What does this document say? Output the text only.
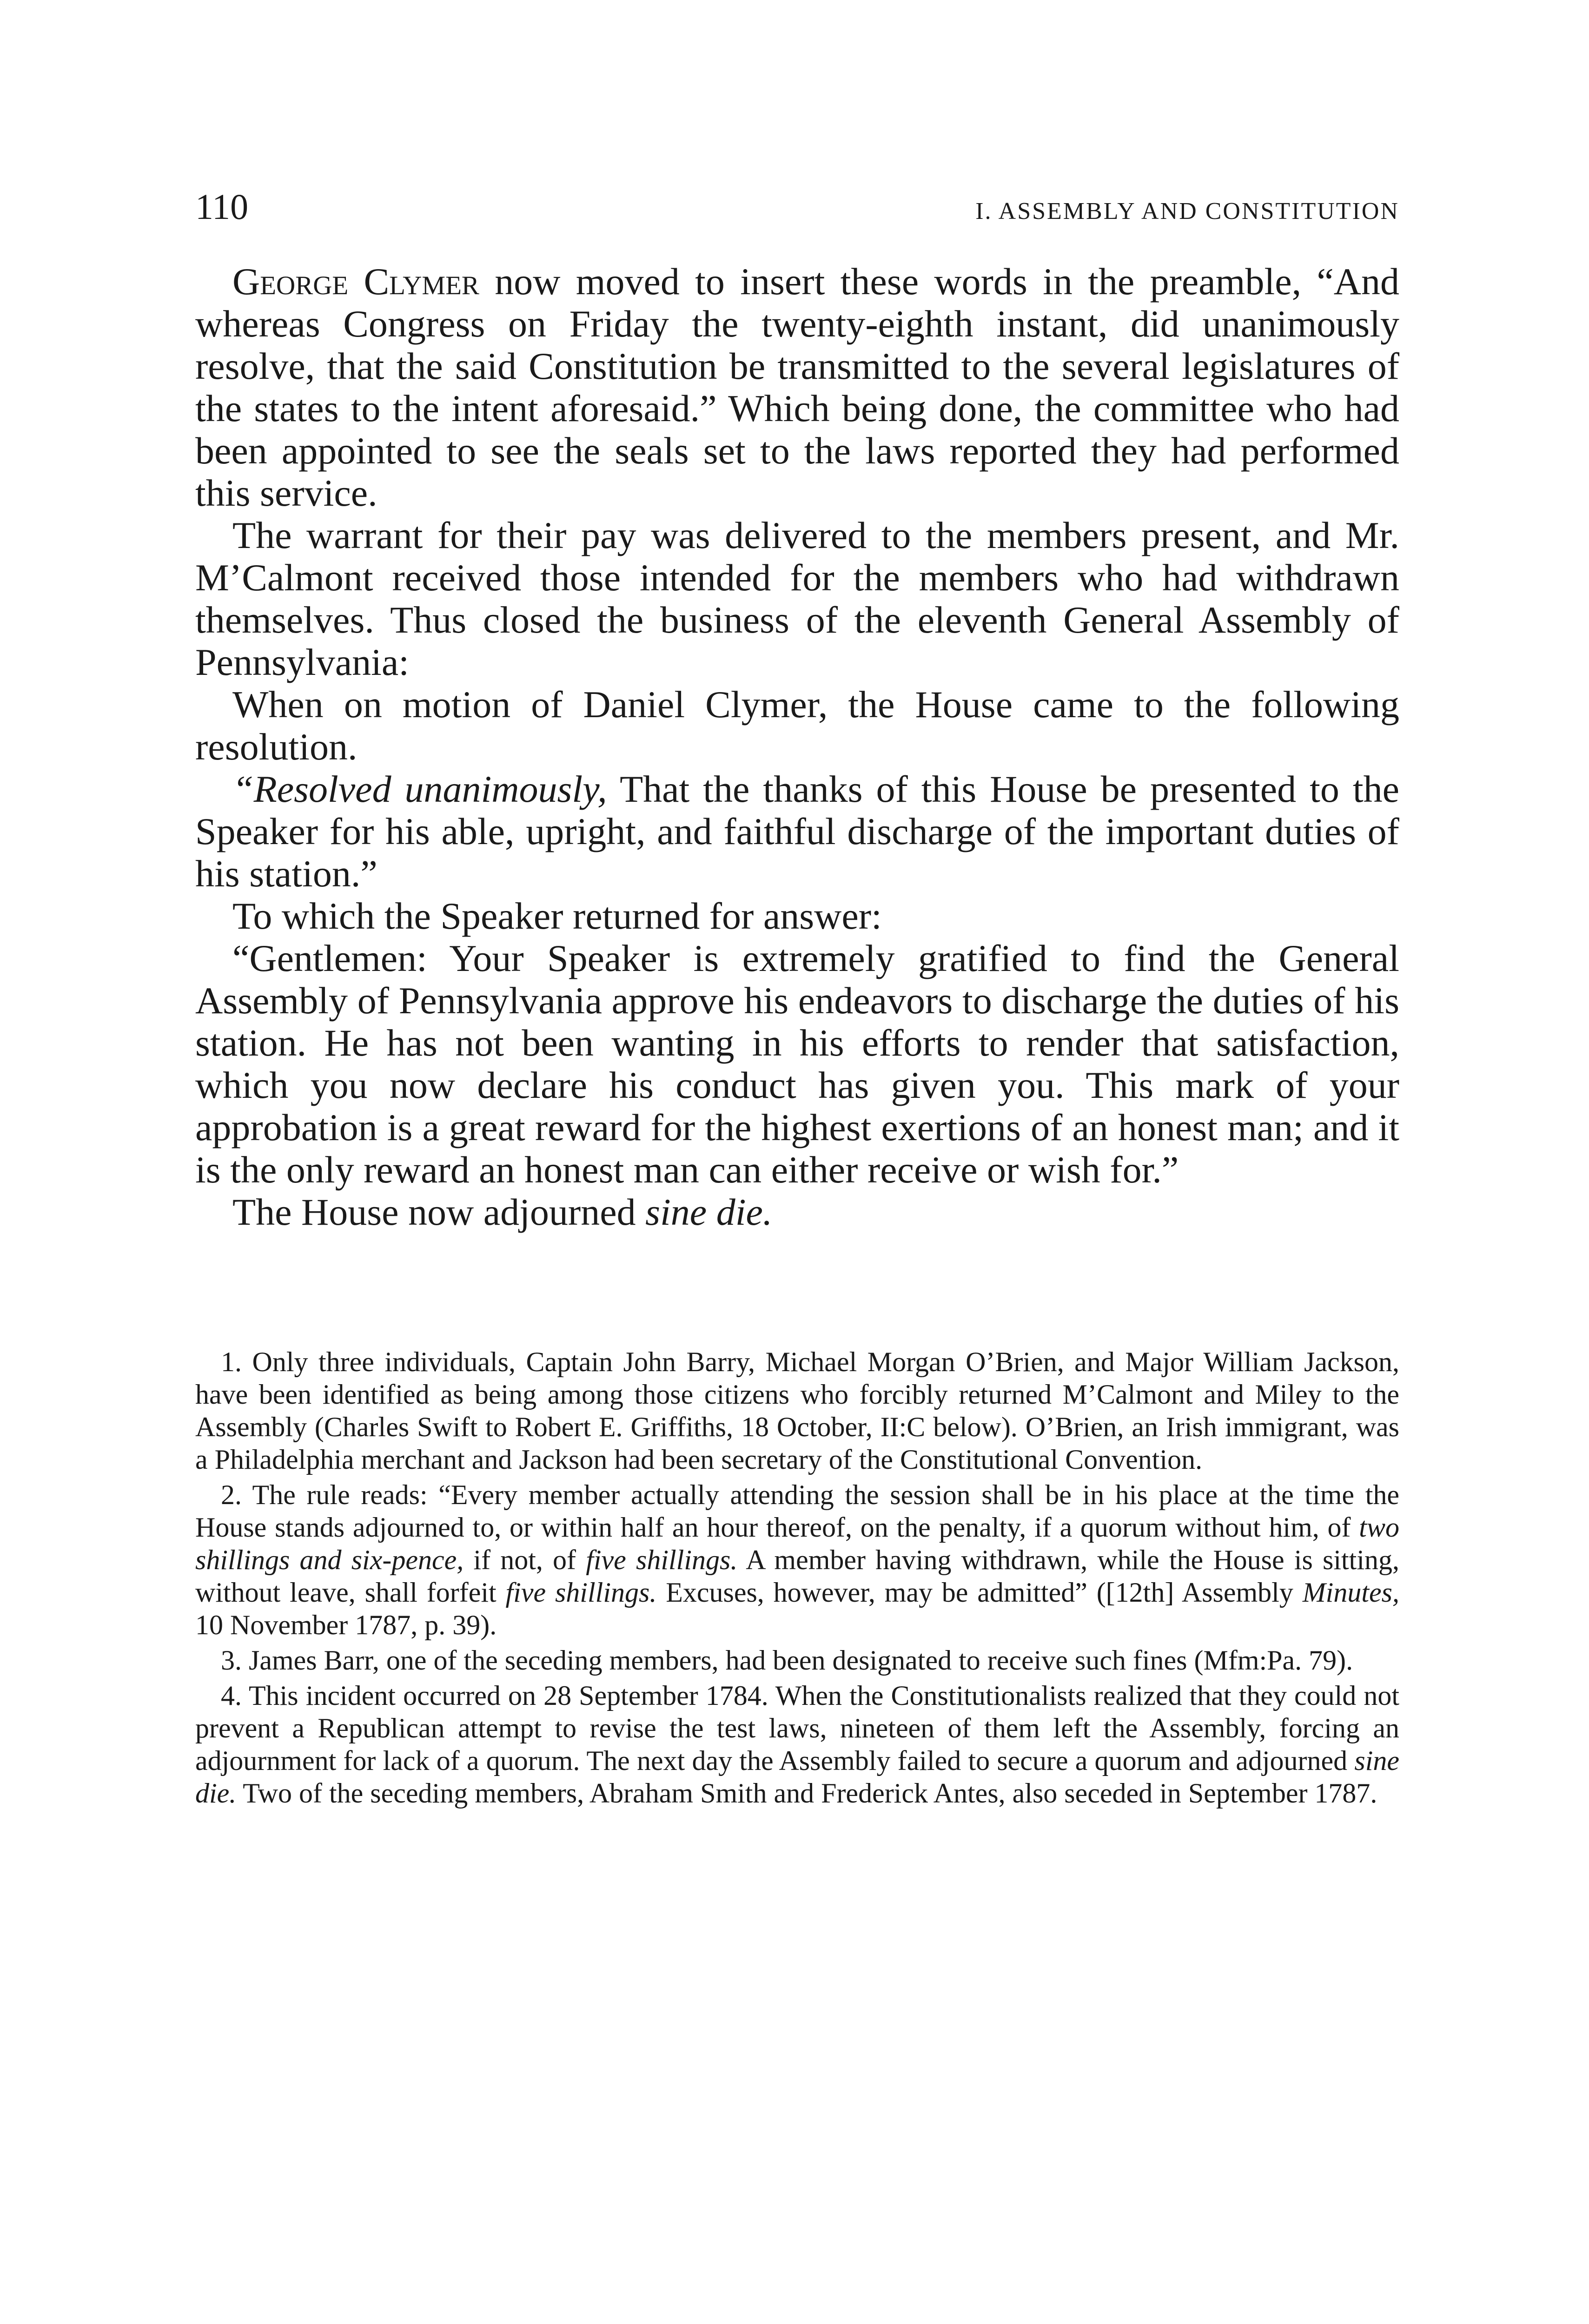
110	I. ASSEMBLY AND CONSTITUTION

George Clymer now moved to insert these words in the preamble, “And whereas Congress on Friday the twenty-eighth instant, did unanimously resolve, that the said Constitution be transmitted to the several legislatures of the states to the intent aforesaid.” Which being done, the committee who had been appointed to see the seals set to the laws reported they had performed this service.

The warrant for their pay was delivered to the members present, and Mr. M’Calmont received those intended for the members who had withdrawn themselves. Thus closed the business of the eleventh General Assembly of Pennsylvania:

When on motion of Daniel Clymer, the House came to the following resolution.

“Resolved unanimously, That the thanks of this House be presented to the Speaker for his able, upright, and faithful discharge of the important duties of his station.”

To which the Speaker returned for answer:

“Gentlemen: Your Speaker is extremely gratified to find the General Assembly of Pennsylvania approve his endeavors to discharge the duties of his station. He has not been wanting in his efforts to render that satisfaction, which you now declare his conduct has given you. This mark of your approbation is a great reward for the highest exertions of an honest man; and it is the only reward an honest man can either receive or wish for.”

The House now adjourned sine die.

1. Only three individuals, Captain John Barry, Michael Morgan O’Brien, and Major William Jackson, have been identified as being among those citizens who forcibly returned M’Calmont and Miley to the Assembly (Charles Swift to Robert E. Griffiths, 18 October, II:C below). O’Brien, an Irish immigrant, was a Philadelphia merchant and Jackson had been secretary of the Constitutional Convention.

2. The rule reads: “Every member actually attending the session shall be in his place at the time the House stands adjourned to, or within half an hour thereof, on the penalty, if a quorum without him, of two shillings and six-pence, if not, of five shillings. A member having withdrawn, while the House is sitting, without leave, shall forfeit five shillings. Excuses, however, may be admitted” ([12th] Assembly Minutes, 10 November 1787, p. 39).

3. James Barr, one of the seceding members, had been designated to receive such fines (Mfm:Pa. 79).

4. This incident occurred on 28 September 1784. When the Constitutionalists realized that they could not prevent a Republican attempt to revise the test laws, nineteen of them left the Assembly, forcing an adjournment for lack of a quorum. The next day the Assembly failed to secure a quorum and adjourned sine die. Two of the seceding members, Abraham Smith and Frederick Antes, also seceded in September 1787.
